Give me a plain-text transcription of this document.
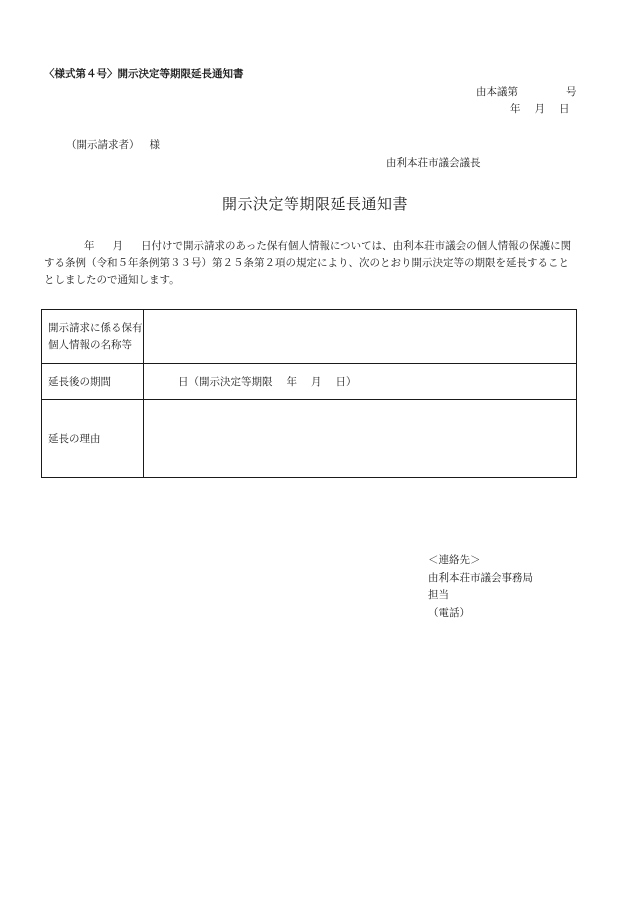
〈様式第４号〉開示決定等期限延長通知書
由本議第	号
年 月 日
（開示請求者） 様
由利本荘市議会議長
開示決定等期限延長通知書
年 月 日付けで開示請求のあった保有個人情報については、由利本荘市議会の個人情報の保護に関する条例（令和５年条例第３３号）第２５条第２項の規定により、次のとおり開示決定等の期限を延長することとしましたので通知します。
開示請求に係る保有個人情報の名称等	
延長後の期間	日（開示決定等期限 年 月 日）
延長の理由	
＜連絡先＞
由利本荘市議会事務局
担当
（電話）
